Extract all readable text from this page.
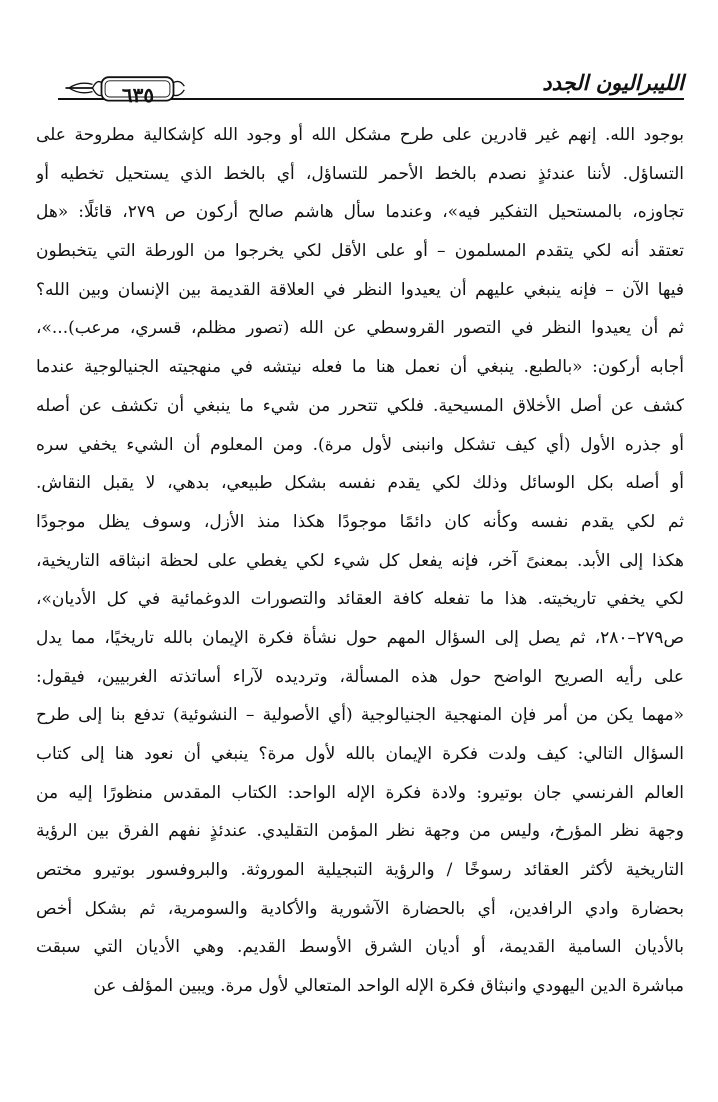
الليبراليون الجدد
٦٣٥
بوجود الله. إنهم غير قادرين على طرح مشكل الله أو وجود الله كإشكالية مطروحة على
التساؤل. لأننا عندئذٍ نصدم بالخط الأحمر للتساؤل، أي بالخط الذي يستحيل تخطيه أو
تجاوزه، بالمستحيل التفكير فيه»، وعندما سأل هاشم صالح أركون ص ٢٧٩، قائلًا: «هل
تعتقد أنه لكي يتقدم المسلمون – أو على الأقل لكي يخرجوا من الورطة التي يتخبطون
فيها الآن – فإنه ينبغي عليهم أن يعيدوا النظر في العلاقة القديمة بين الإنسان وبين الله؟
ثم أن يعيدوا النظر في التصور القروسطي عن الله (تصور مظلم، قسري، مرعب)...»،
أجابه أركون: «بالطبع. ينبغي أن نعمل هنا ما فعله نيتشه في منهجيته الجنيالوجية عندما
كشف عن أصل الأخلاق المسيحية. فلكي تتحرر من شيء ما ينبغي أن تكشف عن أصله
أو جذره الأول (أي كيف تشكل وانبنى لأول مرة). ومن المعلوم أن الشيء يخفي سره
أو أصله بكل الوسائل وذلك لكي يقدم نفسه بشكل طبيعي، بدهي، لا يقبل النقاش.
ثم لكي يقدم نفسه وكأنه كان دائمًا موجودًا هكذا منذ الأزل، وسوف يظل موجودًا
هكذا إلى الأبد. بمعنىً آخر، فإنه يفعل كل شيء لكي يغطي على لحظة انبثاقه التاريخية،
لكي يخفي تاريخيته. هذا ما تفعله كافة العقائد والتصورات الدوغمائية في كل الأديان»،
ص٢٧٩–٢٨٠، ثم يصل إلى السؤال المهم حول نشأة فكرة الإيمان بالله تاريخيًا، مما يدل
على رأيه الصريح الواضح حول هذه المسألة، وترديده لآراء أساتذته الغربيين، فيقول:
«مهما يكن من أمر فإن المنهجية الجنيالوجية (أي الأصولية – النشوئية) تدفع بنا إلى طرح
السؤال التالي: كيف ولدت فكرة الإيمان بالله لأول مرة؟ ينبغي أن نعود هنا إلى كتاب
العالم الفرنسي جان بوتيرو: ولادة فكرة الإله الواحد: الكتاب المقدس منظورًا إليه من
وجهة نظر المؤرخ، وليس من وجهة نظر المؤمن التقليدي. عندئذٍ نفهم الفرق بين الرؤية
التاريخية لأكثر العقائد رسوخًا / والرؤية التبجيلية الموروثة. والبروفسور بوتيرو مختص
بحضارة وادي الرافدين، أي بالحضارة الآشورية والأكادية والسومرية، ثم بشكل أخص
بالأديان السامية القديمة، أو أديان الشرق الأوسط القديم. وهي الأديان التي سبقت
مباشرة الدين اليهودي وانبثاق فكرة الإله الواحد المتعالي لأول مرة. ويبين المؤلف عن
